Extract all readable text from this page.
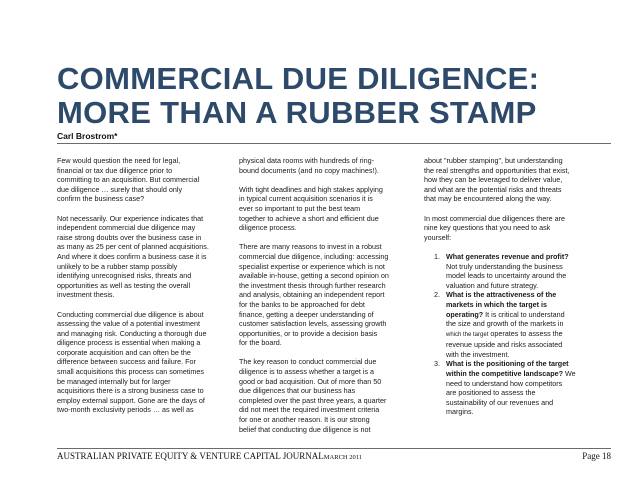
COMMERCIAL DUE DILIGENCE:
MORE THAN A RUBBER STAMP
Carl Brostrom*

Few would question the need for legal,
financial or tax due diligence prior to
committing to an acquisition. But commercial
due diligence … surely that should only
confirm the business case?

Not necessarily. Our experience indicates that
independent commercial due diligence may
raise strong doubts over the business case in
as many as 25 per cent of planned acquisitions.
And where it does confirm a business case it is
unlikely to be a rubber stamp possibly
identifying unrecognised risks, threats and
opportunities as well as testing the overall
investment thesis.

Conducting commercial due diligence is about
assessing the value of a potential investment
and managing risk. Conducting a thorough due
diligence process is essential when making a
corporate acquisition and can often be the
difference between success and failure. For
small acquisitions this process can sometimes
be managed internally but for larger
acquisitions there is a strong business case to
employ external support. Gone are the days of
two-month exclusivity periods … as well as

physical data rooms with hundreds of ring-
bound documents (and no copy machines!).

With tight deadlines and high stakes applying
in typical current acquisition scenarios it is
ever so important to put the best team
together to achieve a short and efficient due
diligence process.

There are many reasons to invest in a robust
commercial due diligence, including: accessing
specialist expertise or experience which is not
available in-house, getting a second opinion on
the investment thesis through further research
and analysis, obtaining an independent report
for the banks to be approached for debt
finance, getting a deeper understanding of
customer satisfaction levels, assessing growth
opportunities, or to provide a decision basis
for the board.

The key reason to conduct commercial due
diligence is to assess whether a target is a
good or bad acquisition. Out of more than 50
due diligences that our business has
completed over the past three years, a quarter
did not meet the required investment criteria
for one or another reason. It is our strong
belief that conducting due diligence is not

about "rubber stamping", but understanding
the real strengths and opportunities that exist,
how they can be leveraged to deliver value,
and what are the potential risks and threats
that may be encountered along the way.

In most commercial due diligences there are
nine key questions that you need to ask
yourself:

1. What generates revenue and profit?
Not truly understanding the business
model leads to uncertainty around the
valuation and future strategy.
2. What is the attractiveness of the
markets in which the target is
operating? It is critical to understand
the size and growth of the markets in
which the target operates to assess the
revenue upside and risks associated
with the investment.
3. What is the positioning of the target
within the competitive landscape? We
need to understand how competitors
are positioned to assess the
sustainability of our revenues and
margins.
AUSTRALIAN PRIVATE EQUITY & VENTURE CAPITAL JOURNALMARCH 2011	Page 18
